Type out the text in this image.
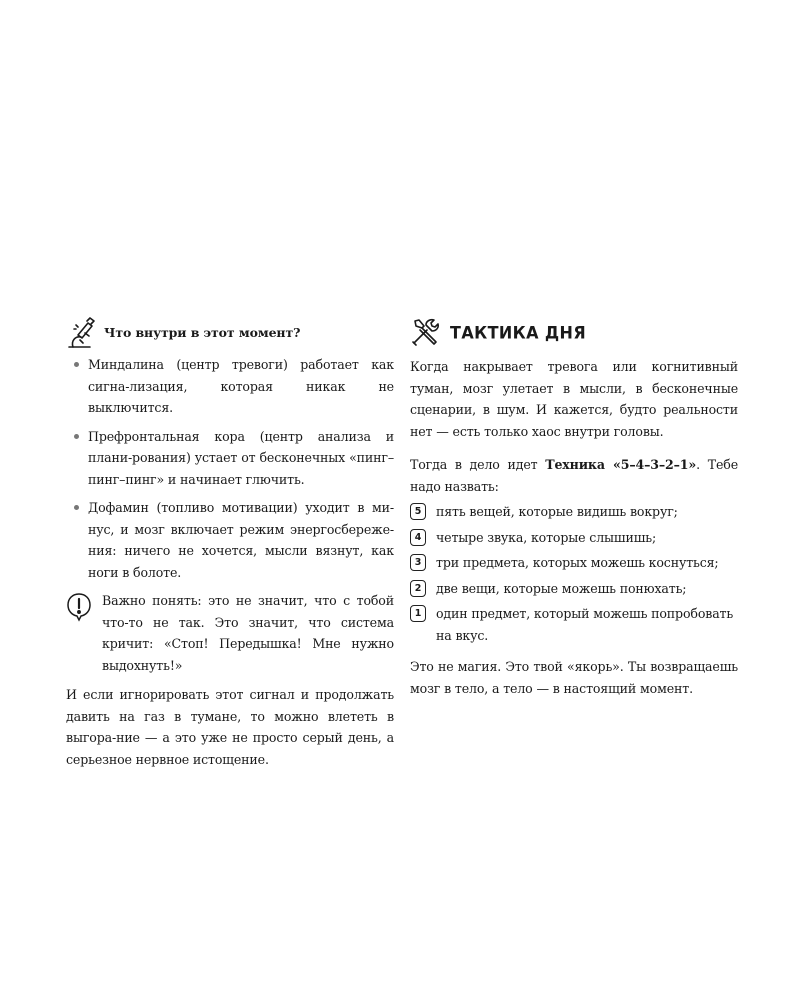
Что внутри в этот момент?
Миндалина (центр тревоги) работает как сигна-лизация, которая никак не выключится.
Префронтальная кора (центр анализа и плани-рования) устает от бесконечных «пинг–пинг–пинг» и начинает глючить.
Дофамин (топливо мотивации) уходит в ми-нус, и мозг включает режим энергосбереже-ния: ничего не хочется, мысли вязнут, как ноги в болоте.
Важно понять: это не значит, что с тобой что-то не так. Это значит, что система кричит: «Стоп! Передышка! Мне нужно выдохнуть!»
И если игнорировать этот сигнал и продолжать давить на газ в тумане, то можно влететь в выгора-ние — а это уже не просто серый день, а серьезное нервное истощение.
ТАКТИКА ДНЯ
Когда накрывает тревога или когнитивный туман, мозг улетает в мысли, в бесконечные сценарии, в шум. И кажется, будто реальности нет — есть только хаос внутри головы.
Тогда в дело идет Техника «5–4–3–2–1». Тебе надо назвать:
5	пять вещей, которые видишь вокруг;
4	четыре звука, которые слышишь;
3	три предмета, которых можешь коснуться;
2	две вещи, которые можешь понюхать;
1	один предмет, который можешь попробовать на вкус.
Это не магия. Это твой «якорь». Ты возвращаешь мозг в тело, а тело — в настоящий момент.
